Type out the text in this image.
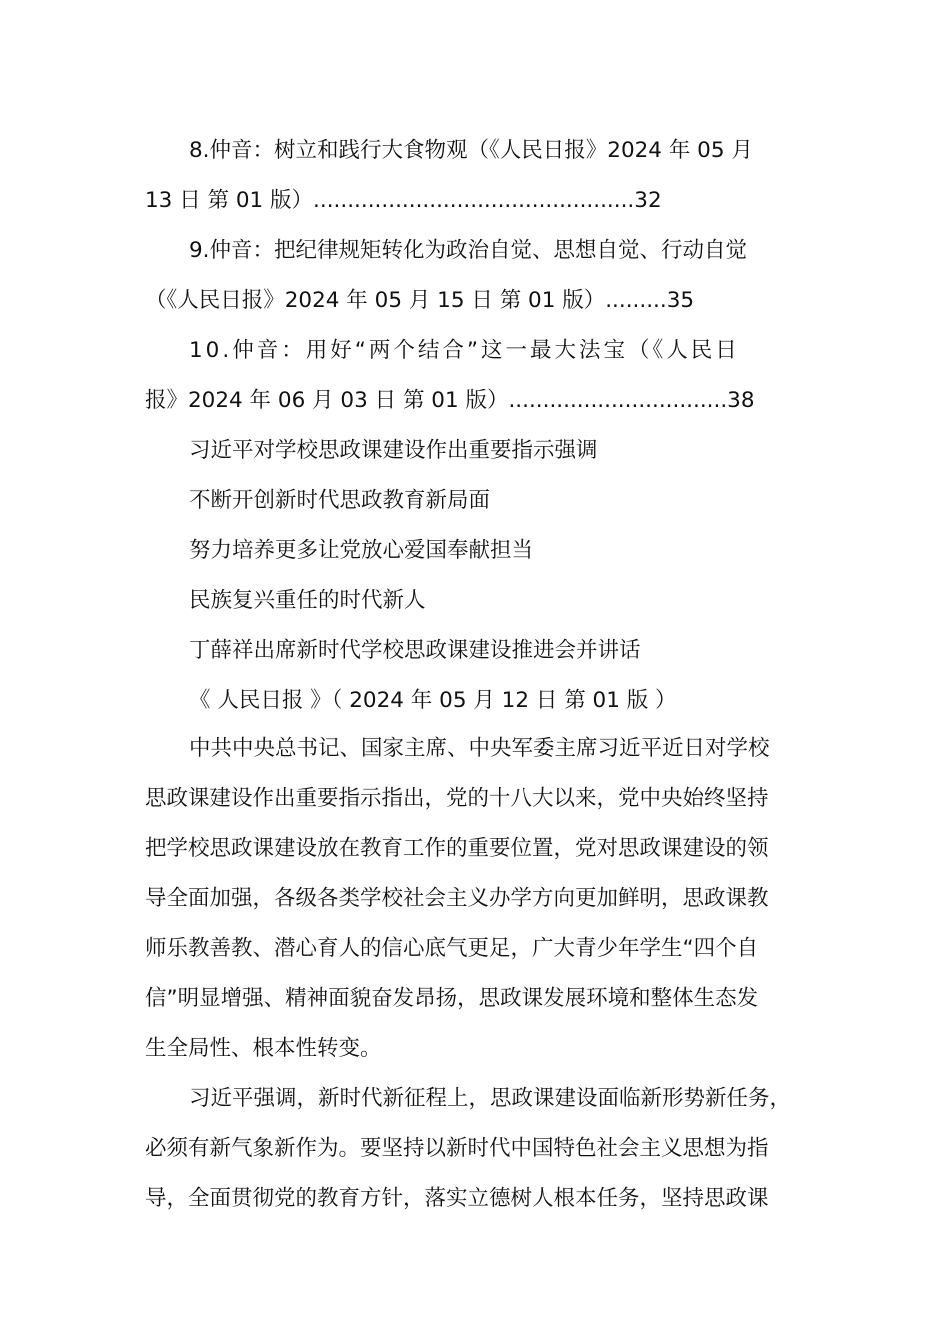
8.仲音：树立和践行大食物观（《人民日报》2024 年 05 月
13 日 第 01 版）...............................................32
9.仲音：把纪律规矩转化为政治自觉、思想自觉、行动自觉
（《人民日报》2024 年 05 月 15 日 第 01 版）.........35
10.仲音：用好“两个结合”这一最大法宝（《人民日
报》2024 年 06 月 03 日 第 01 版）................................38
习近平对学校思政课建设作出重要指示强调
不断开创新时代思政教育新局面
努力培养更多让党放心爱国奉献担当
民族复兴重任的时代新人
丁薛祥出席新时代学校思政课建设推进会并讲话
《 人民日报 》（ 2024 年 05 月 12 日 第 01 版 ）
中共中央总书记、国家主席、中央军委主席习近平近日对学校
思政课建设作出重要指示指出，党的十八大以来，党中央始终坚持
把学校思政课建设放在教育工作的重要位置，党对思政课建设的领
导全面加强，各级各类学校社会主义办学方向更加鲜明，思政课教
师乐教善教、潜心育人的信心底气更足，广大青少年学生“四个自
信”明显增强、精神面貌奋发昂扬，思政课发展环境和整体生态发
生全局性、根本性转变。
习近平强调，新时代新征程上，思政课建设面临新形势新任务，
必须有新气象新作为。要坚持以新时代中国特色社会主义思想为指
导，全面贯彻党的教育方针，落实立德树人根本任务，坚持思政课
